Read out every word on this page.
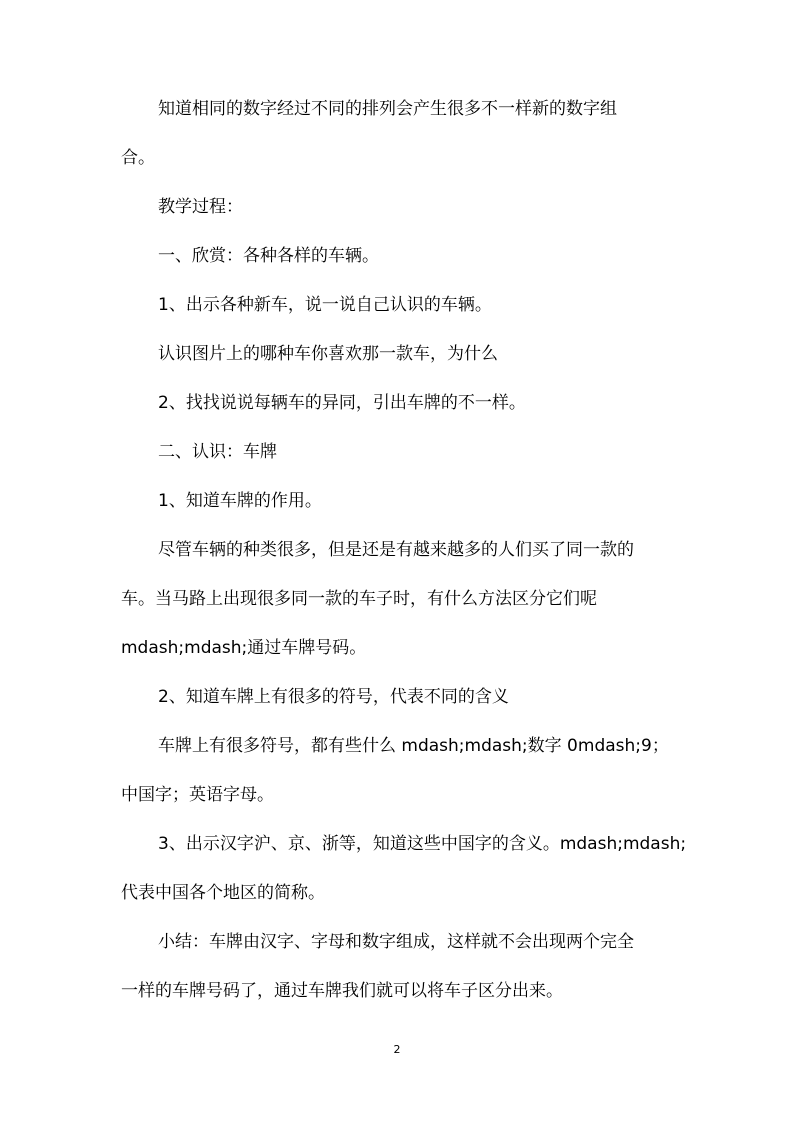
知道相同的数字经过不同的排列会产生很多不一样新的数字组

合。

教学过程：

一、欣赏：各种各样的车辆。

1、出示各种新车，说一说自己认识的车辆。

认识图片上的哪种车你喜欢那一款车，为什么

2、找找说说每辆车的异同，引出车牌的不一样。

二、认识：车牌

1、知道车牌的作用。

尽管车辆的种类很多，但是还是有越来越多的人们买了同一款的

车。当马路上出现很多同一款的车子时，有什么方法区分它们呢

mdash;mdash;通过车牌号码。

2、知道车牌上有很多的符号，代表不同的含义

车牌上有很多符号，都有些什么 mdash;mdash;数字 0mdash;9；

中国字；英语字母。

3、出示汉字沪、京、浙等，知道这些中国字的含义。mdash;mdash;

代表中国各个地区的简称。

小结：车牌由汉字、字母和数字组成，这样就不会出现两个完全

一样的车牌号码了，通过车牌我们就可以将车子区分出来。

2
